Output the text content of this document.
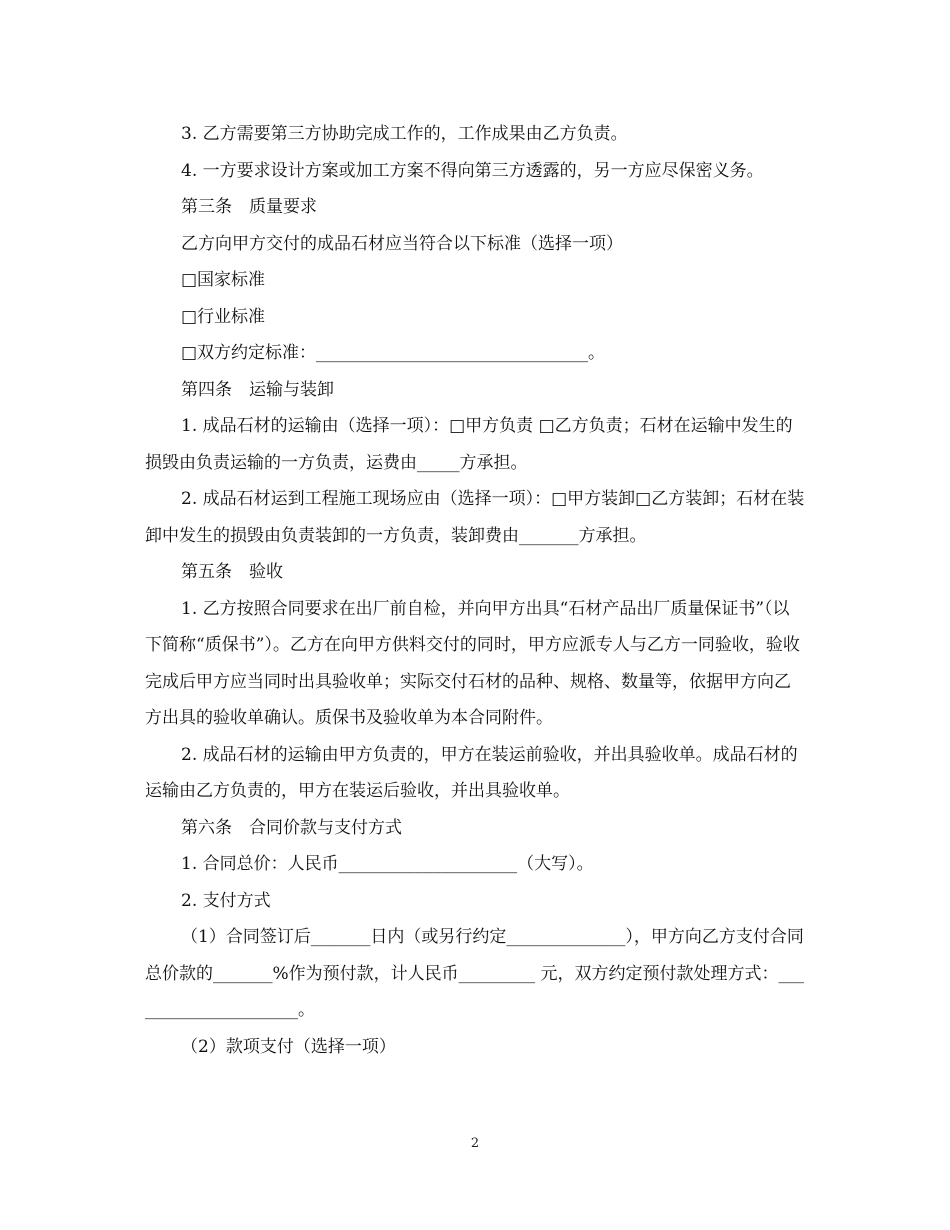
3. 乙方需要第三方协助完成工作的，工作成果由乙方负责。

4. 一方要求设计方案或加工方案不得向第三方透露的，另一方应尽保密义务。

第三条　质量要求

乙方向甲方交付的成品石材应当符合以下标准（选择一项）

□国家标准

□行业标准

□双方约定标准：________________________________。

第四条　运输与装卸

1. 成品石材的运输由（选择一项）：□甲方负责 □乙方负责；石材在运输中发生的损毁由负责运输的一方负责，运费由_____方承担。

2. 成品石材运到工程施工现场应由（选择一项）：□甲方装卸□乙方装卸；石材在装卸中发生的损毁由负责装卸的一方负责，装卸费由_______方承担。

第五条　验收

1. 乙方按照合同要求在出厂前自检，并向甲方出具“石材产品出厂质量保证书”（以下简称“质保书”）。乙方在向甲方供料交付的同时，甲方应派专人与乙方一同验收，验收完成后甲方应当同时出具验收单；实际交付石材的品种、规格、数量等，依据甲方向乙方出具的验收单确认。质保书及验收单为本合同附件。

2. 成品石材的运输由甲方负责的，甲方在装运前验收，并出具验收单。成品石材的运输由乙方负责的，甲方在装运后验收，并出具验收单。

第六条　合同价款与支付方式

1. 合同总价：人民币_____________________（大写）。

2. 支付方式

（1）合同签订后_______日内（或另行约定______________），甲方向乙方支付合同总价款的_______%作为预付款，计人民币_________ 元，双方约定预付款处理方式：_____________________。

（2）款项支付（选择一项）

2
